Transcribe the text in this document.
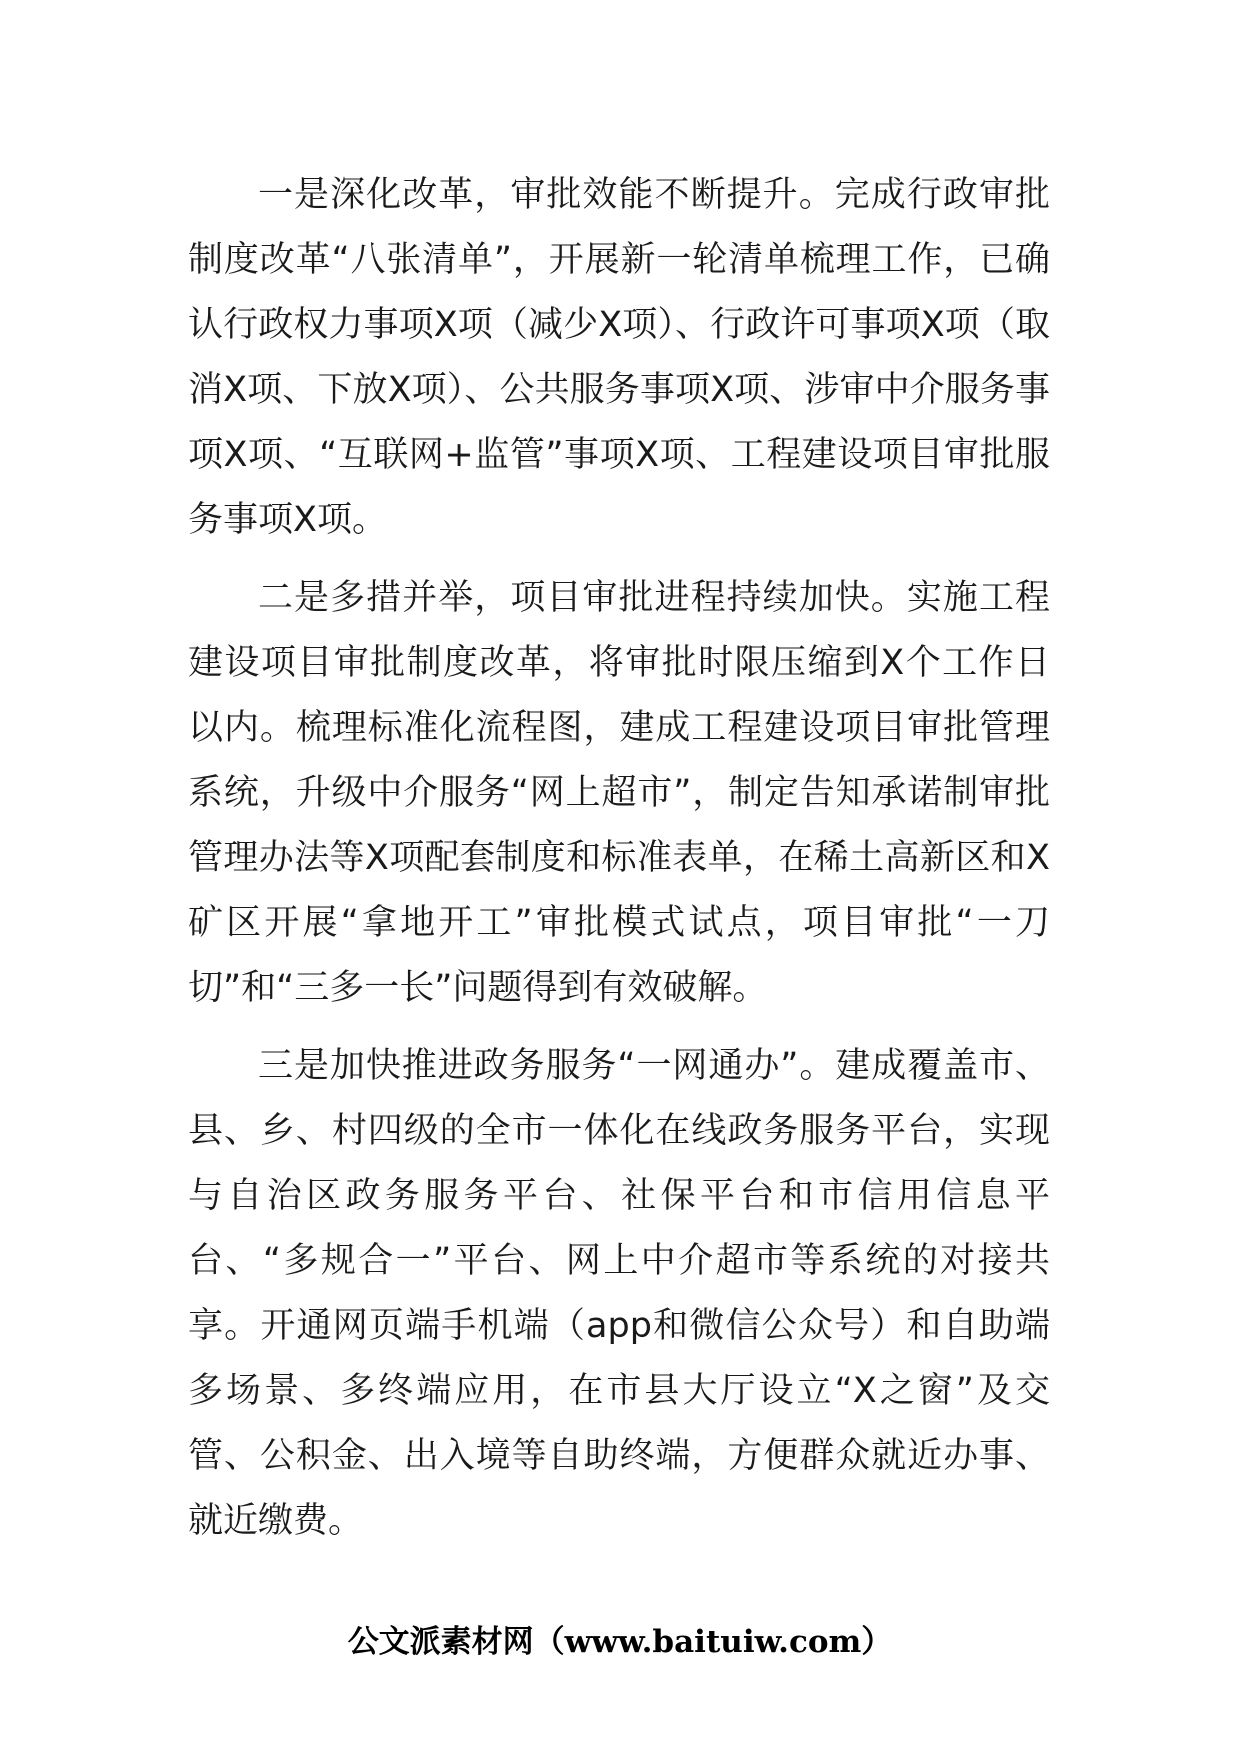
一是深化改革，审批效能不断提升。完成行政审批制度改革“八张清单”，开展新一轮清单梳理工作，已确认行政权力事项X项（减少X项）、行政许可事项X项（取消X项、下放X项）、公共服务事项X项、涉审中介服务事项X项、“互联网+监管”事项X项、工程建设项目审批服务事项X项。

二是多措并举，项目审批进程持续加快。实施工程建设项目审批制度改革，将审批时限压缩到X个工作日以内。梳理标准化流程图，建成工程建设项目审批管理系统，升级中介服务“网上超市”，制定告知承诺制审批管理办法等X项配套制度和标准表单，在稀土高新区和X矿区开展“拿地开工”审批模式试点，项目审批“一刀切”和“三多一长”问题得到有效破解。

三是加快推进政务服务“一网通办”。建成覆盖市、县、乡、村四级的全市一体化在线政务服务平台，实现与自治区政务服务平台、社保平台和市信用信息平台、“多规合一”平台、网上中介超市等系统的对接共享。开通网页端手机端（app和微信公众号）和自助端多场景、多终端应用，在市县大厅设立“X之窗”及交管、公积金、出入境等自助终端，方便群众就近办事、就近缴费。

公文派素材网（www.baituiw.com）
